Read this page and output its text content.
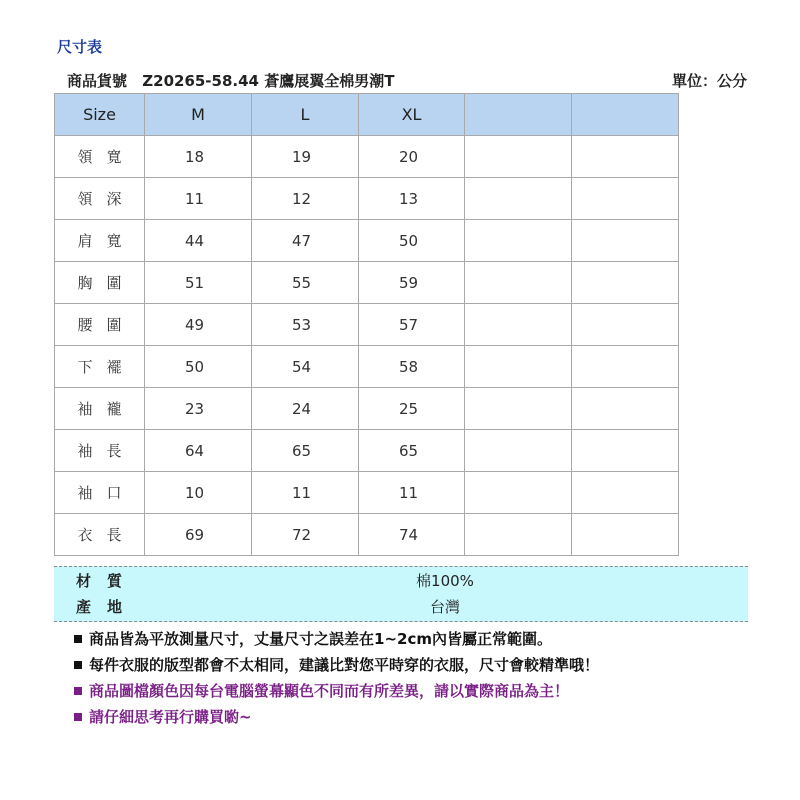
尺寸表
商品貨號 Z20265-58.44 蒼鷹展翼全棉男潮T	單位：公分
Size	M	L	XL		
領寬	18	19	20		
領深	11	12	13		
肩寬	44	47	50		
胸圍	51	55	59		
腰圍	49	53	57		
下襬	50	54	58		
袖襱	23	24	25		
袖長	64	65	65		
袖口	10	11	11		
衣長	69	72	74		
材質	棉100%
產地	台灣
商品皆為平放測量尺寸，丈量尺寸之誤差在1~2cm內皆屬正常範圍。
每件衣服的版型都會不太相同，建議比對您平時穿的衣服，尺寸會較精準哦！
商品圖檔顏色因每台電腦螢幕顯色不同而有所差異，請以實際商品為主！
請仔細思考再行購買喲~
